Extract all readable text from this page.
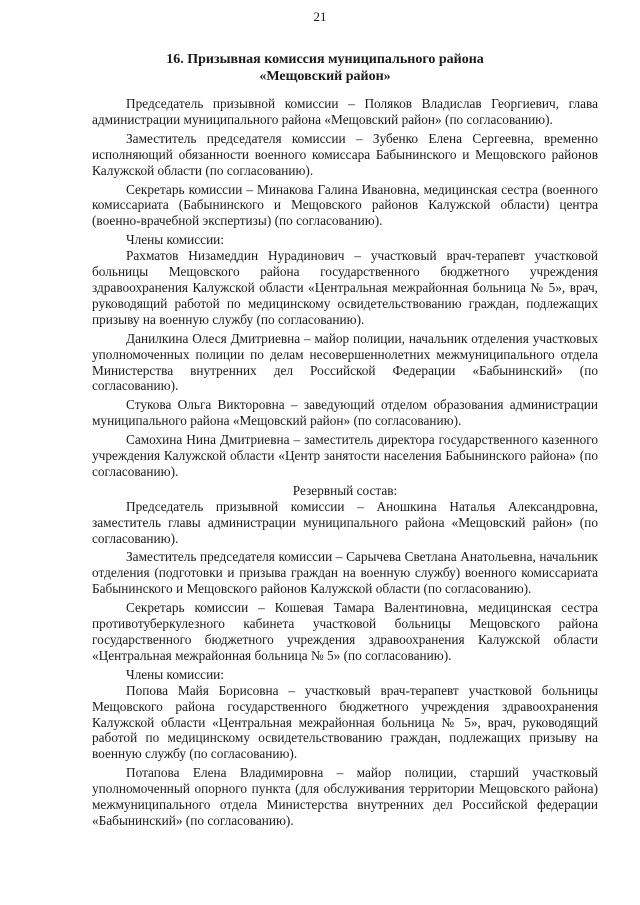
21
16. Призывная комиссия муниципального района
«Мещовский район»

Председатель призывной комиссии – Поляков Владислав Георгиевич, глава администрации муниципального района «Мещовский район» (по согласованию).

Заместитель председателя комиссии – Зубенко Елена Сергеевна, временно исполняющий обязанности военного комиссара Бабынинского и Мещовского районов Калужской области (по согласованию).

Секретарь комиссии – Минакова Галина Ивановна, медицинская сестра (военного комиссариата (Бабынинского и Мещовского районов Калужской области) центра (военно-врачебной экспертизы) (по согласованию).

Члены комиссии:

Рахматов Низамеддин Нурадинович – участковый врач-терапевт участковой больницы Мещовского района государственного бюджетного учреждения здравоохранения Калужской области «Центральная межрайонная больница № 5», врач, руководящий работой по медицинскому освидетельствованию граждан, подлежащих призыву на военную службу (по согласованию).

Данилкина Олеся Дмитриевна – майор полиции, начальник отделения участковых уполномоченных полиции по делам несовершеннолетних межмуниципального отдела Министерства внутренних дел Российской Федерации «Бабынинский» (по согласованию).

Стукова Ольга Викторовна – заведующий отделом образования администрации муниципального района «Мещовский район» (по согласованию).

Самохина Нина Дмитриевна – заместитель директора государственного казенного учреждения Калужской области «Центр занятости населения Бабынинского района» (по согласованию).

Резервный состав:

Председатель призывной комиссии – Аношкина Наталья Александровна, заместитель главы администрации муниципального района «Мещовский район» (по согласованию).

Заместитель председателя комиссии – Сарычева Светлана Анатольевна, начальник отделения (подготовки и призыва граждан на военную службу) военного комиссариата Бабынинского и Мещовского районов Калужской области (по согласованию).

Секретарь комиссии – Кошевая Тамара Валентиновна, медицинская сестра противотуберкулезного кабинета участковой больницы Мещовского района государственного бюджетного учреждения здравоохранения Калужской области «Центральная межрайонная больница № 5» (по согласованию).

Члены комиссии:

Попова Майя Борисовна – участковый врач-терапевт участковой больницы Мещовского района государственного бюджетного учреждения здравоохранения Калужской области «Центральная межрайонная больница № 5», врач, руководящий работой по медицинскому освидетельствованию граждан, подлежащих призыву на военную службу (по согласованию).

Потапова Елена Владимировна – майор полиции, старший участковый уполномоченный опорного пункта (для обслуживания территории Мещовского района) межмуниципального отдела Министерства внутренних дел Российской федерации «Бабынинский» (по согласованию).
